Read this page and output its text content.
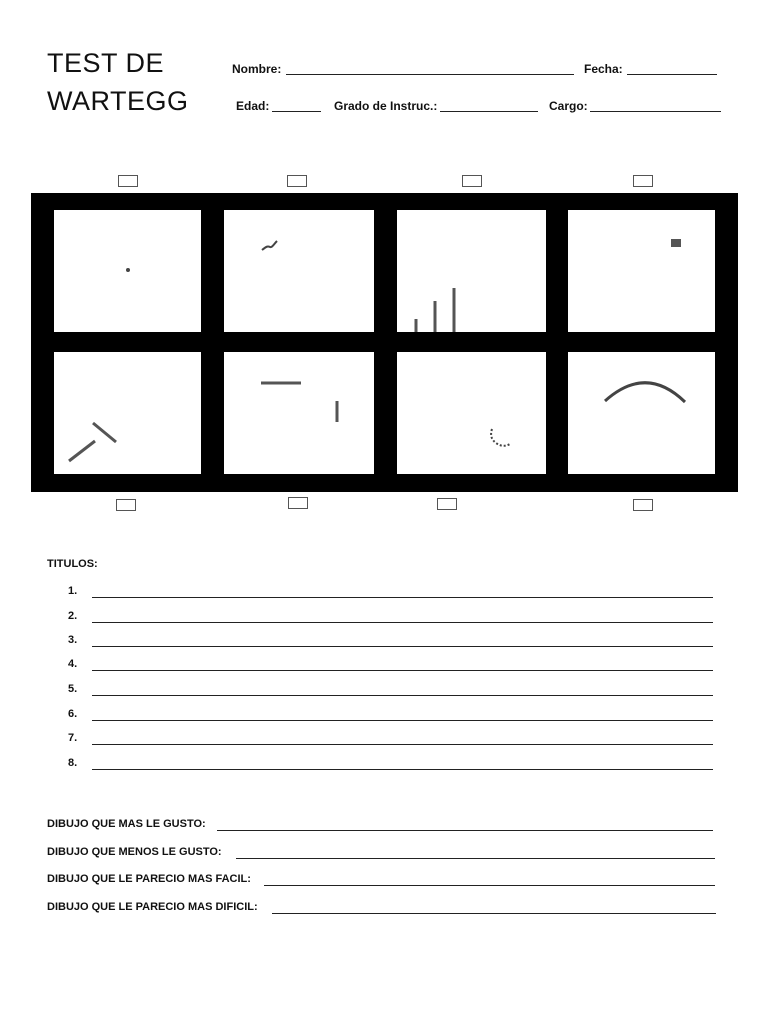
TEST DE
WARTEGG
Nombre:	Fecha:
Edad:	Grado de Instruc.:	Cargo:
TITULOS:
1.
2.
3.
4.
5.
6.
7.
8.
DIBUJO QUE MAS LE GUSTO:
DIBUJO QUE MENOS LE GUSTO:
DIBUJO QUE LE PARECIO MAS FACIL:
DIBUJO QUE LE PARECIO MAS DIFICIL:
